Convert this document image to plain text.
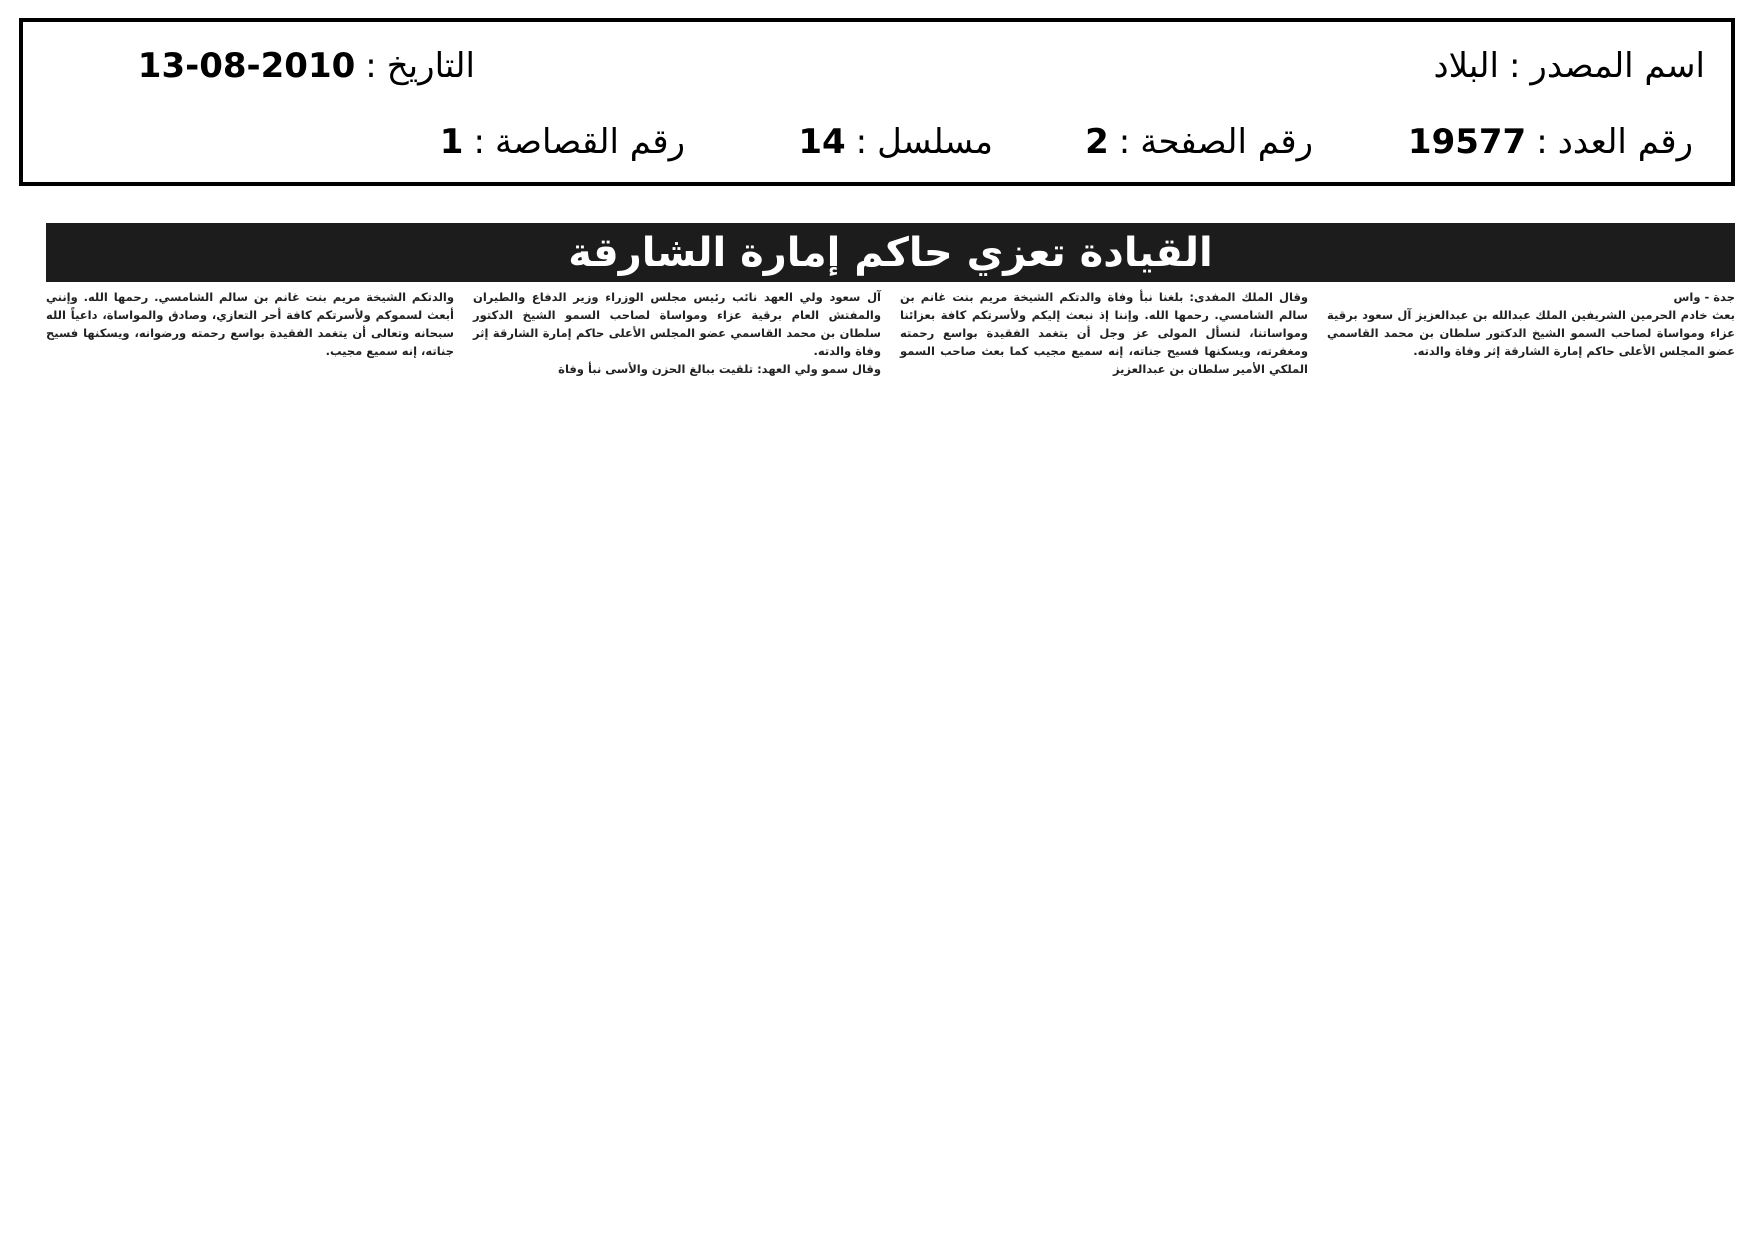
اسم المصدر:البلاد
التاريخ:13-08-2010
رقم العدد:19577
رقم الصفحة:2
مسلسل:14
رقم القصاصة:1
القيادة تعزي حاكم إمارة الشارقة

جدة - واس

بعث خادم الحرمين الشريفين الملك عبدالله بن عبدالعزيز آل سعود برقية عزاء ومواساة لصاحب السمو الشيخ الدكتور سلطان بن محمد القاسمي عضو المجلس الأعلى حاكم إمارة الشارقة إثر وفاة والدته.

وقال الملك المفدى: بلغنا نبأ وفاة والدتكم الشيخة مريم بنت غانم بن سالم الشامسي. رحمها الله. وإننا إذ نبعث إليكم ولأسرتكم كافة بعزائنا ومواساتنا، لنسأل المولى عز وجل أن يتغمد الفقيدة بواسع رحمته ومغفرته، ويسكنها فسيح جناته، إنه سميع مجيب كما بعث صاحب السمو الملكي الأمير سلطان بن عبدالعزيز

آل سعود ولي العهد نائب رئيس مجلس الوزراء وزير الدفاع والطيران والمفتش العام برقية عزاء ومواساة لصاحب السمو الشيخ الدكتور سلطان بن محمد القاسمي عضو المجلس الأعلى حاكم إمارة الشارقة إثر وفاة والدته.

وقال سمو ولي العهد: تلقيت ببالغ الحزن والأسى نبأ وفاة

والدتكم الشيخة مريم بنت غانم بن سالم الشامسي. رحمها الله. وإنني أبعث لسموكم ولأسرتكم كافة أحر التعازي، وصادق والمواساة، داعياً الله سبحانه وتعالى أن يتغمد الفقيدة بواسع رحمته ورضوانه، ويسكنها فسيح جناته، إنه سميع مجيب.
